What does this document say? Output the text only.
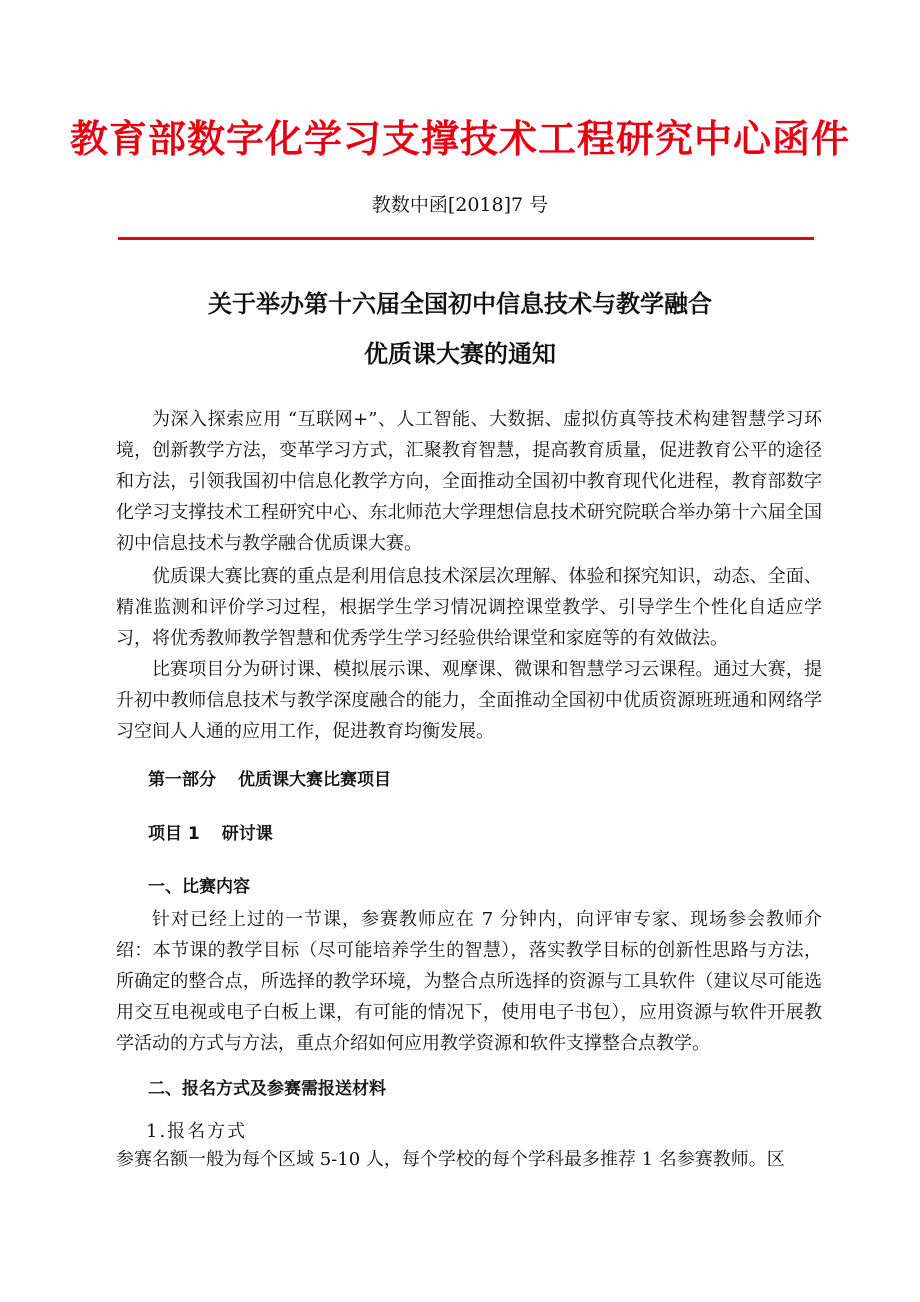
教育部数字化学习支撑技术工程研究中心函件
教数中函[2018]7 号
关于举办第十六届全国初中信息技术与教学融合
优质课大赛的通知

为深入探索应用 “互联网+”、人工智能、大数据、虚拟仿真等技术构建智慧学习环境，创新教学方法，变革学习方式，汇聚教育智慧，提高教育质量，促进教育公平的途径和方法，引领我国初中信息化教学方向，全面推动全国初中教育现代化进程，教育部数字化学习支撑技术工程研究中心、东北师范大学理想信息技术研究院联合举办第十六届全国初中信息技术与教学融合优质课大赛。

优质课大赛比赛的重点是利用信息技术深层次理解、体验和探究知识，动态、全面、精准监测和评价学习过程，根据学生学习情况调控课堂教学、引导学生个性化自适应学习，将优秀教师教学智慧和优秀学生学习经验供给课堂和家庭等的有效做法。

比赛项目分为研讨课、模拟展示课、观摩课、微课和智慧学习云课程。通过大赛，提升初中教师信息技术与教学深度融合的能力，全面推动全国初中优质资源班班通和网络学习空间人人通的应用工作，促进教育均衡发展。

第一部分 优质课大赛比赛项目
项目 1 研讨课
一、比赛内容

针对已经上过的一节课，参赛教师应在 7 分钟内，向评审专家、现场参会教师介绍：本节课的教学目标（尽可能培养学生的智慧），落实教学目标的创新性思路与方法，所确定的整合点，所选择的教学环境，为整合点所选择的资源与工具软件（建议尽可能选用交互电视或电子白板上课，有可能的情况下，使用电子书包），应用资源与软件开展教学活动的方式与方法，重点介绍如何应用教学资源和软件支撑整合点教学。

二、报名方式及参赛需报送材料
1.报名方式
参赛名额一般为每个区域 5-10 人，每个学校的每个学科最多推荐 1 名参赛教师。区
